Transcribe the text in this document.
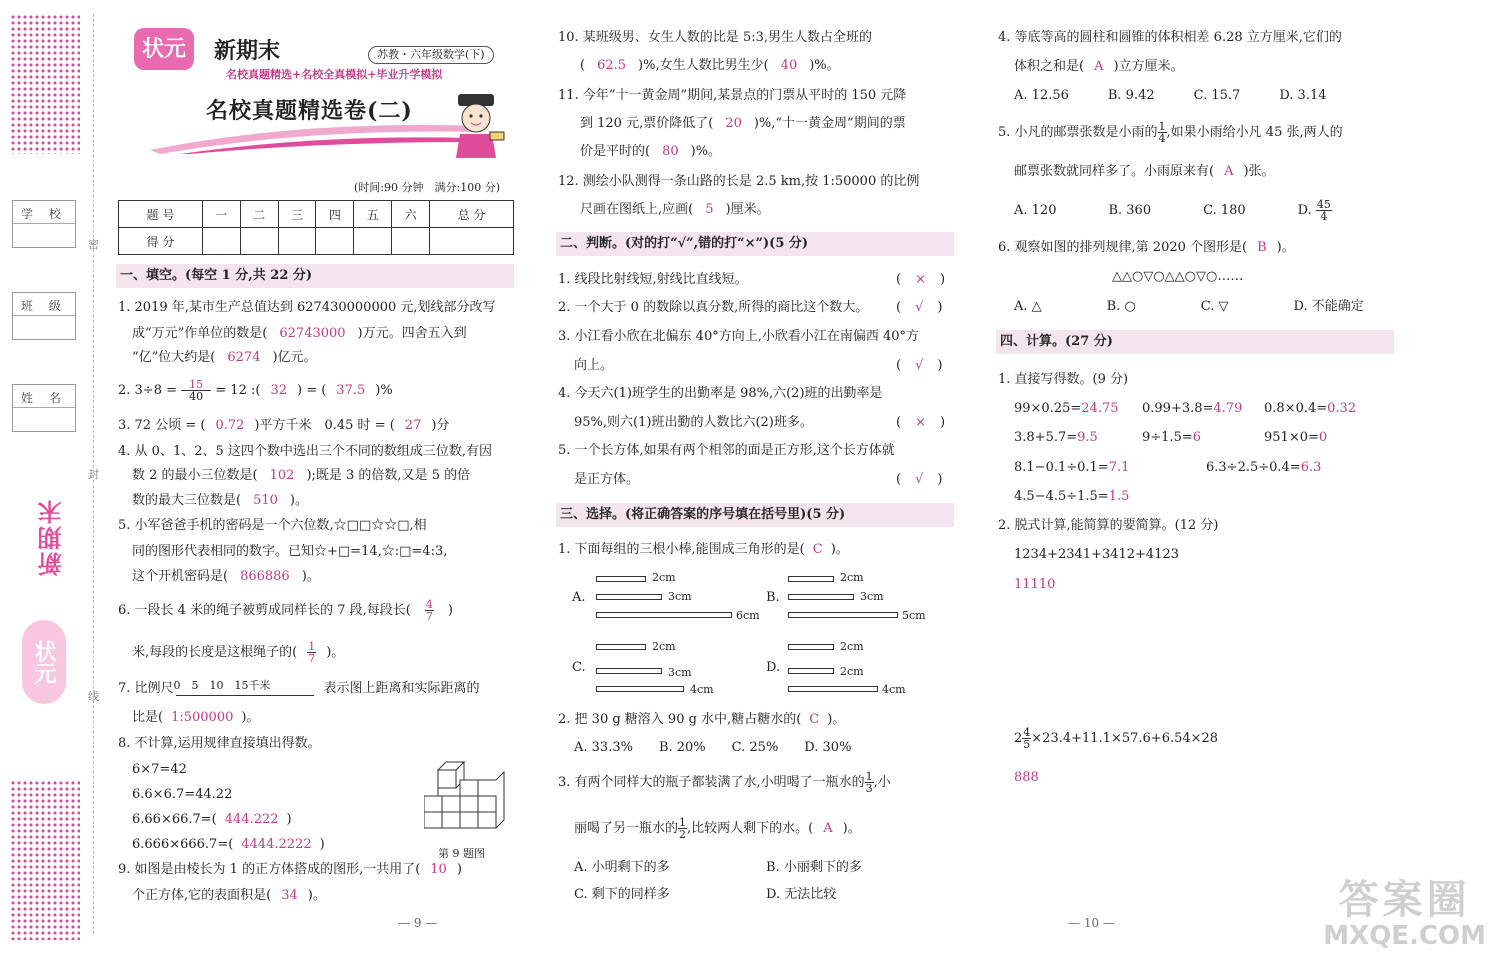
学 校
班 级
姓 名
密
封
线
新期末
状元
状元	新期末	苏教・六年级数学(下)
名校真题精选+名校全真模拟+毕业升学模拟
名校真题精选卷(二)
(时间:90 分钟　满分:100 分)
题 号	一	二	三	四	五	六	总 分
得 分							
一、填空。(每空 1 分,共 22 分)
1. 2019 年,某市生产总值达到 627430000000 元,划线部分改写
成“万元”作单位的数是( 62743000 )万元。四舍五入到
“亿”位大约是( 6274 )亿元。
2. $3\div 8 = \frac{15}{40} = 12$ :( 32 ) = ( 37.5 )%
3. 72 公顷 = ( 0.72 )平方千米　0.45 时 = ( 27 )分
4. 从 0、1、2、5 这四个数中选出三个不同的数组成三位数,有因
数 2 的最小三位数是( 102 );既是 3 的倍数,又是 5 的倍
数的最大三位数是( 510 )。
5. 小军爸爸手机的密码是一个六位数,☆□□☆☆□,相
同的图形代表相同的数字。已知☆+□=14,☆:□=4:3,
这个开机密码是( 866886 )。
6. 一段长 4 米的绳子被剪成同样长的 7 段,每段长( $\frac{4}{7}$ )
米,每段的长度是这根绳子的( $\frac{1}{7}$ )。
7. 比例尺 0　5　10　15千米	表示图上距离和实际距离的
比是( 1:500000 )。
8. 不计算,运用规律直接填出得数。
6×7=42
6.6×6.7=44.22
6.66×66.7=( 444.222 )
6.666×666.7=( 4444.2222 )
第 9 题图
9. 如图是由棱长为 1 的正方体搭成的图形,一共用了( 10 )
个正方体,它的表面积是( 34 )。
— 9 —
10. 某班级男、女生人数的比是 5:3,男生人数占全班的
( 62.5 )%,女生人数比男生少( 40 )%。
11. 今年“十一黄金周”期间,某景点的门票从平时的 150 元降
到 120 元,票价降低了( 20 )%,“十一黄金周”期间的票
价是平时的( 80 )%。
12. 测绘小队测得一条山路的长是 2.5 km,按 1:50000 的比例
尺画在图纸上,应画( 5 )厘米。
二、判断。(对的打“√”,错的打“×”)(5 分)
1. 线段比射线短,射线比直线短。	( × )
2. 一个大于 0 的数除以真分数,所得的商比这个数大。 ( √ )
3. 小江看小欣在北偏东 40°方向上,小欣看小江在南偏西 40°方
向上。	( √ )
4. 今天六(1)班学生的出勤率是 98%,六(2)班的出勤率是
95%,则六(1)班出勤的人数比六(2)班多。	( × )
5. 一个长方体,如果有两个相邻的面是正方形,这个长方体就
是正方体。	( √ )
三、选择。(将正确答案的序号填在括号里)(5 分)
1. 下面每组的三根小棒,能围成三角形的是( C )。
A.
2cm
3cm
6cm
B.
2cm
3cm
5cm
C.
2cm
3cm
4cm
D.
2cm
2cm
4cm
2. 把 30 g 糖溶入 90 g 水中,糖占糖水的( C )。
A. 33.3%　　B. 20%　　C. 25%　　D. 30%
3. 有两个同样大的瓶子都装满了水,小明喝了一瓶水的 $\frac{1}{3}$ ,小
丽喝了另一瓶水的 $\frac{1}{2}$ ,比较两人剩下的水。( A )。
A. 小明剩下的多	B. 小丽剩下的多
C. 剩下的同样多	D. 无法比较
4. 等底等高的圆柱和圆锥的体积相差 6.28 立方厘米,它们的
体积之和是( A )立方厘米。
A. 12.56　　　B. 9.42　　　C. 15.7　　　D. 3.14
5. 小凡的邮票张数是小雨的 $\frac{1}{4}$ ,如果小雨给小凡 45 张,两人的
邮票张数就同样多了。小雨原来有( A )张。
A. 120　　　　B. 360　　　　C. 180　　　　D. $\frac{45}{4}$
6. 观察如图的排列规律,第 2020 个图形是( B )。
△△○▽○△△○▽○……
A. △　　　　　B. ○　　　　　C. ▽　　　　　D. 不能确定
四、计算。(27 分)
1. 直接写得数。(9 分)
99×0.25=24.75 0.99+3.8=4.79 0.8×0.4=0.32
3.8+5.7=9.5	9÷1.5=6	951×0=0
8.1−0.1÷0.1=7.1	6.3÷2.5÷0.4=6.3
4.5−4.5÷1.5=1.5
2. 脱式计算,能简算的要简算。(12 分)
1234+2341+3412+4123
11110
$2 \frac{4}{5} \times 23.4+11.1\times 57.6+6.54\times 28$
888
— 10 —	答案圈
MXQE.COM
